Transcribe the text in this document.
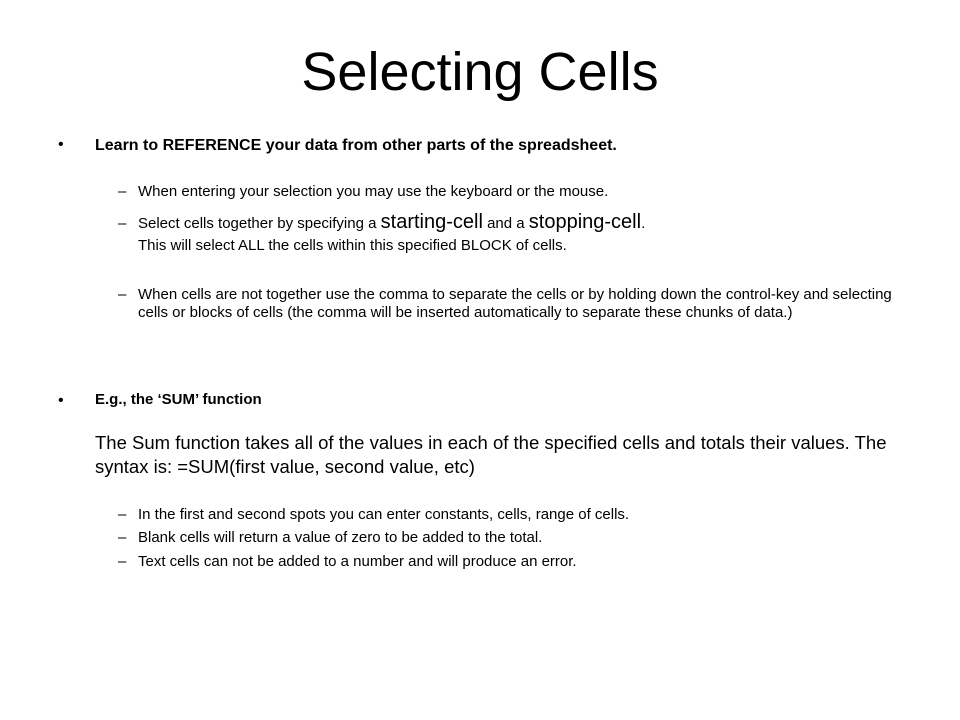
Selecting Cells
• Learn to REFERENCE your data from other parts of the spreadsheet.
– When entering your selection you may use the keyboard or the mouse.
– Select cells together by specifying a starting-cell and a stopping-cell.
This will select ALL the cells within this specified BLOCK of cells.
– When cells are not together use the comma to separate the cells or by holding down the control-key and selecting cells or blocks of cells (the comma will be inserted automatically to separate these chunks of data.)
• E.g., the ‘SUM’ function
The Sum function takes all of the values in each of the specified cells and totals their values. The syntax is: =SUM(first value, second value, etc)
– In the first and second spots you can enter constants, cells, range of cells.
– Blank cells will return a value of zero to be added to the total.
– Text cells can not be added to a number and will produce an error.
